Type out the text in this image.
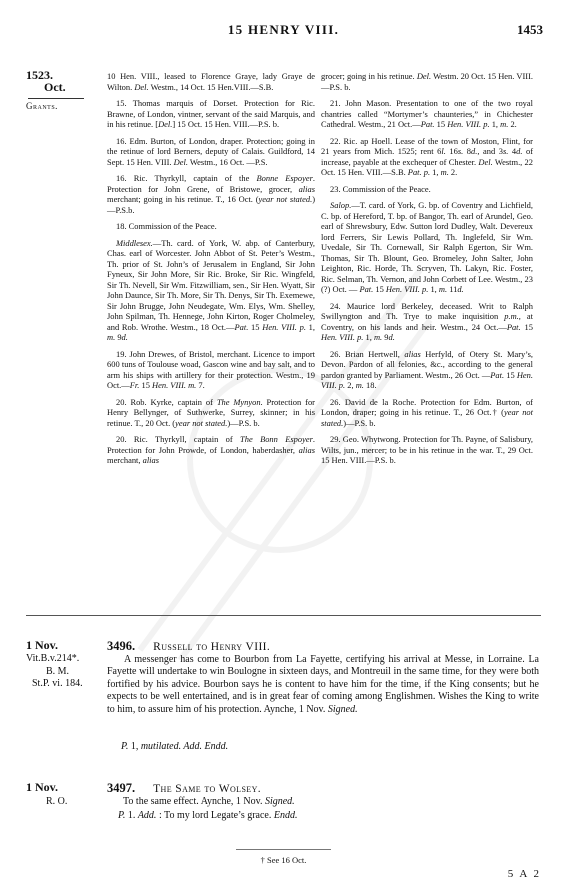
15 HENRY VIII.	1453
1523.
Oct.
Grants.

10 Hen. VIII., leased to Florence Graye, lady Graye de Wilton. Del. Westm., 14 Oct. 15 Hen.VIII.—S.B.

15. Thomas marquis of Dorset. Protection for Ric. Brawne, of London, vintner, servant of the said Marquis, and in his retinue. [Del.] 15 Oct. 15 Hen. VIII.—P.S. b.

16. Edm. Burton, of London, draper. Protection; going in the retinue of lord Berners, deputy of Calais. Guildford, 14 Sept. 15 Hen. VIII. Del. Westm., 16 Oct. —P.S.

16. Ric. Thyrkyll, captain of the Bonne Espoyer. Protection for John Grene, of Bristowe, grocer, alias merchant; going in his retinue. T., 16 Oct. (year not stated.)—P.S.b.

18. Commission of the Peace.

Middlesex.—Th. card. of York, W. abp. of Canterbury, Chas. earl of Worcester. John Abbot of St. Peter’s Westm., Th. prior of St. John’s of Jerusalem in England, Sir John Fyneux, Sir John More, Sir Ric. Broke, Sir Ric. Wingfeld, Sir Th. Nevell, Sir Wm. Fitzwilliam, sen., Sir Hen. Wyatt, Sir John Daunce, Sir Th. More, Sir Th. Denys, Sir Th. Exemewe, Sir John Brugge, John Neudegate, Wm. Elys, Wm. Shelley, John Spilman, Th. Hennege, John Kirton, Roger Cholmeley, and Rob. Wrothe. Westm., 18 Oct.—Pat. 15 Hen. VIII. p. 1, m. 9d.

19. John Drewes, of Bristol, merchant. Licence to import 600 tuns of Toulouse woad, Gascon wine and bay salt, and to arm his ships with artillery for their protection. Westm., 19 Oct.—Fr. 15 Hen. VIII. m. 7.

20. Rob. Kyrke, captain of The Mynyon. Protection for Henry Bellynger, of Suthwerke, Surrey, skinner; in his retinue. T., 20 Oct. (year not stated.)—P.S. b.

20. Ric. Thyrkyll, captain of The Bonn Espoyer. Protection for John Prowde, of London, haberdasher, alias merchant, alias

grocer; going in his retinue. Del. Westm. 20 Oct. 15 Hen. VIII.—P.S. b.

21. John Mason. Presentation to one of the two royal chantries called “Mortymer’s chaunteries,” in Chichester Cathedral. Westm., 21 Oct.—Pat. 15 Hen. VIII. p. 1, m. 2.

22. Ric. ap Hoell. Lease of the town of Moston, Flint, for 21 years from Mich. 1525; rent 6l. 16s. 8d., and 3s. 4d. of increase, payable at the exchequer of Chester. Del. Westm., 22 Oct. 15 Hen. VIII.—S.B. Pat. p. 1, m. 2.

23. Commission of the Peace.

Salop.—T. card. of York, G. bp. of Coventry and Lichfield, C. bp. of Hereford, T. bp. of Bangor, Th. earl of Arundel, Geo. earl of Shrewsbury, Edw. Sutton lord Dudley, Walt. Devereux lord Ferrers, Sir Lewis Pollard, Th. Inglefeld, Sir Wm. Uvedale, Sir Th. Cornewall, Sir Ralph Egerton, Sir Wm. Thomas, Sir Th. Blount, Geo. Bromeley, John Salter, John Leighton, Ric. Horde, Th. Scryven, Th. Lakyn, Ric. Foster, Ric. Selman, Th. Vernon, and John Corbett of Lee. Westm., 23 (?) Oct. — Pat. 15 Hen. VIII. p. 1, m. 11d.

24. Maurice lord Berkeley, deceased. Writ to Ralph Swillyngton and Th. Trye to make inquisition p.m., at Coventry, on his lands and heir. Westm., 24 Oct.—Pat. 15 Hen. VIII. p. 1, m. 9d.

26. Brian Hertwell, alias Herfyld, of Otery St. Mary’s, Devon. Pardon of all felonies, &c., according to the general pardon granted by Parliament. Westm., 26 Oct. —Pat. 15 Hen. VIII. p. 2, m. 18.

26. David de la Roche. Protection for Edm. Burton, of London, draper; going in his retinue. T., 26 Oct.† (year not stated.)—P.S. b.

29. Geo. Whytwong. Protection for Th. Payne, of Salisbury, Wilts, jun., mercer; to be in his retinue in the war. T., 29 Oct. 15 Hen. VIII.—P.S. b.

1 Nov.
Vit.B.v.214*.
B. M.
St.P. vi. 184.
3496. Russell to Henry VIII.
A messenger has come to Bourbon from La Fayette, certifying his arrival at Messe, in Lorraine. La Fayette will undertake to win Boulogne in sixteen days, and Montreuil in the same time, for they were both fortified by his advice. Bourbon says he is content to have him for the time, if the King consents; but he expects to be well entertained, and is in great fear of coming among Englishmen. Wishes the King to write to him, to assure him of his protection. Aynche, 1 Nov. Signed.
P. 1, mutilated. Add. Endd.
1 Nov.
R. O.
3497. The Same to Wolsey.
To the same effect. Aynche, 1 Nov. Signed.
P. 1. Add. : To my lord Legate’s grace. Endd.
† See 16 Oct.
5 A 2
